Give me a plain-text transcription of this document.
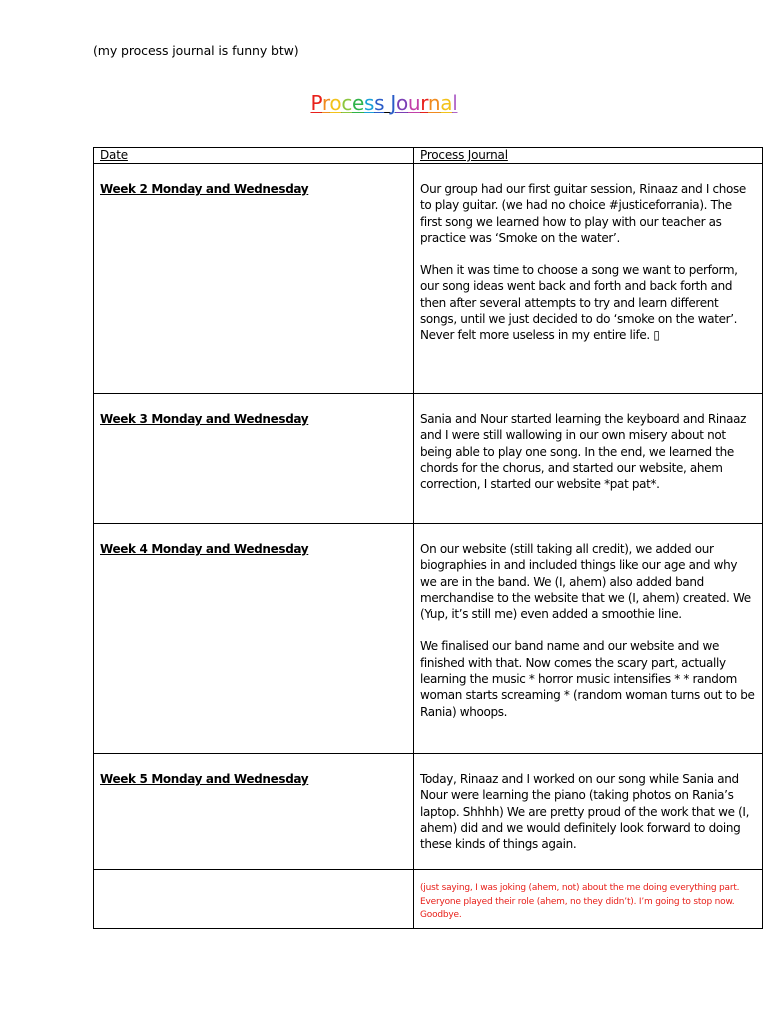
(my process journal is funny btw)
Process Journal
Date	Process Journal

Week 2 Monday and Wednesday	Our group had our first guitar session, Rinaaz and I chose to play guitar. (we had no choice #justiceforrania). The first song we learned how to play with our teacher as practice was ‘Smoke on the water’.

When it was time to choose a song we want to perform, our song ideas went back and forth and back forth and then after several attempts to try and learn different songs, until we just decided to do ‘smoke on the water’. Never felt more useless in my entire life. ▯

Week 3 Monday and Wednesday	Sania and Nour started learning the keyboard and Rinaaz and I were still wallowing in our own misery about not being able to play one song. In the end, we learned the chords for the chorus, and started our website, ahem correction, I started our website *pat pat*.

Week 4 Monday and Wednesday	On our website (still taking all credit), we added our biographies in and included things like our age and why we are in the band. We (I, ahem) also added band merchandise to the website that we (I, ahem) created. We (Yup, it’s still me) even added a smoothie line.

We finalised our band name and our website and we finished with that. Now comes the scary part, actually learning the music * horror music intensifies * * random woman starts screaming * (random woman turns out to be Rania) whoops.

Week 5 Monday and Wednesday	Today, Rinaaz and I worked on our song while Sania and Nour were learning the piano (taking photos on Rania’s laptop. Shhhh) We are pretty proud of the work that we (I, ahem) did and we would definitely look forward to doing these kinds of things again.

	(just saying, I was joking (ahem, not) about the me doing everything part. Everyone played their role (ahem, no they didn’t). I’m going to stop now. Goodbye.
